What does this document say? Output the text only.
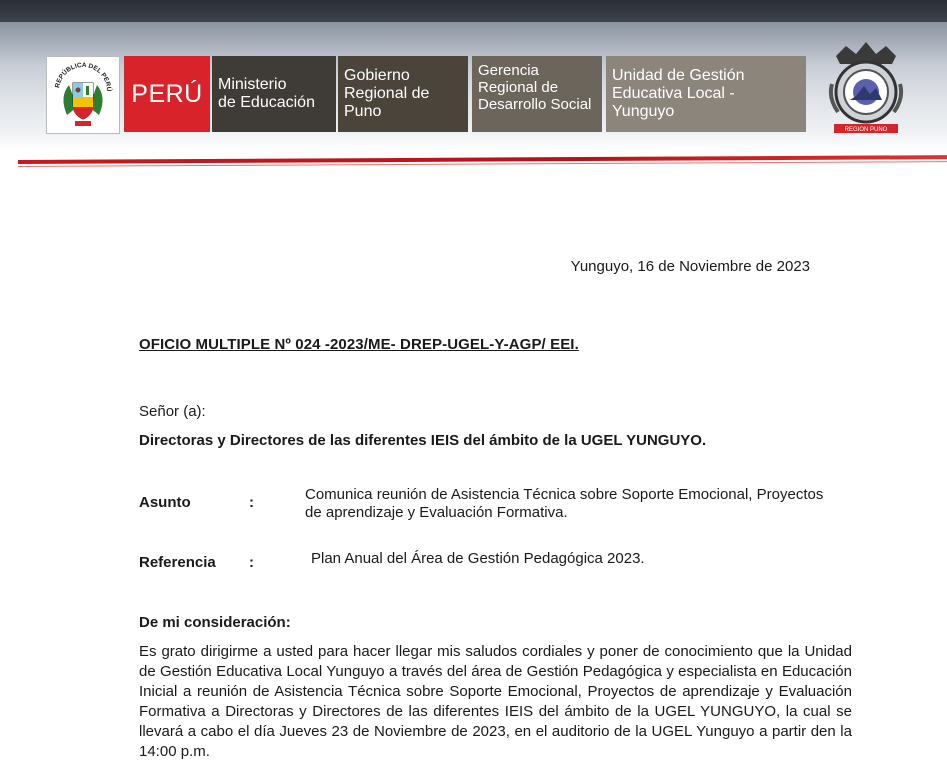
REPÚBLICA DEL PERÚ PERÚ Ministerio
de Educación
Gobierno
Regional de Puno
Gerencia
Regional de
Desarrollo Social
Unidad de Gestión
Educativa Local - Yunguyo
REGION PUNO
Yunguyo, 16 de Noviembre de 2023
OFICIO MULTIPLE Nº 024 -2023/ME- DREP-UGEL-Y-AGP/ EEI.
Señor (a):
Directoras y Directores de las diferentes IEIS del ámbito de la UGEL YUNGUYO.
Asunto	:	Comunica reunión de Asistencia Técnica sobre Soporte Emocional, Proyectos de aprendizaje y Evaluación Formativa.
Referencia :	Plan Anual del Área de Gestión Pedagógica 2023.
De mi consideración:
Es grato dirigirme a usted para hacer llegar mis saludos cordiales y poner de conocimiento que la Unidad de Gestión Educativa Local Yunguyo a través del área de Gestión Pedagógica y especialista en Educación Inicial a reunión de Asistencia Técnica sobre Soporte Emocional, Proyectos de aprendizaje y Evaluación Formativa a Directoras y Directores de las diferentes IEIS del ámbito de la UGEL YUNGUYO, la cual se llevará a cabo el día Jueves 23 de Noviembre de 2023, en el auditorio de la UGEL Yunguyo a partir den la 14:00 p.m.
